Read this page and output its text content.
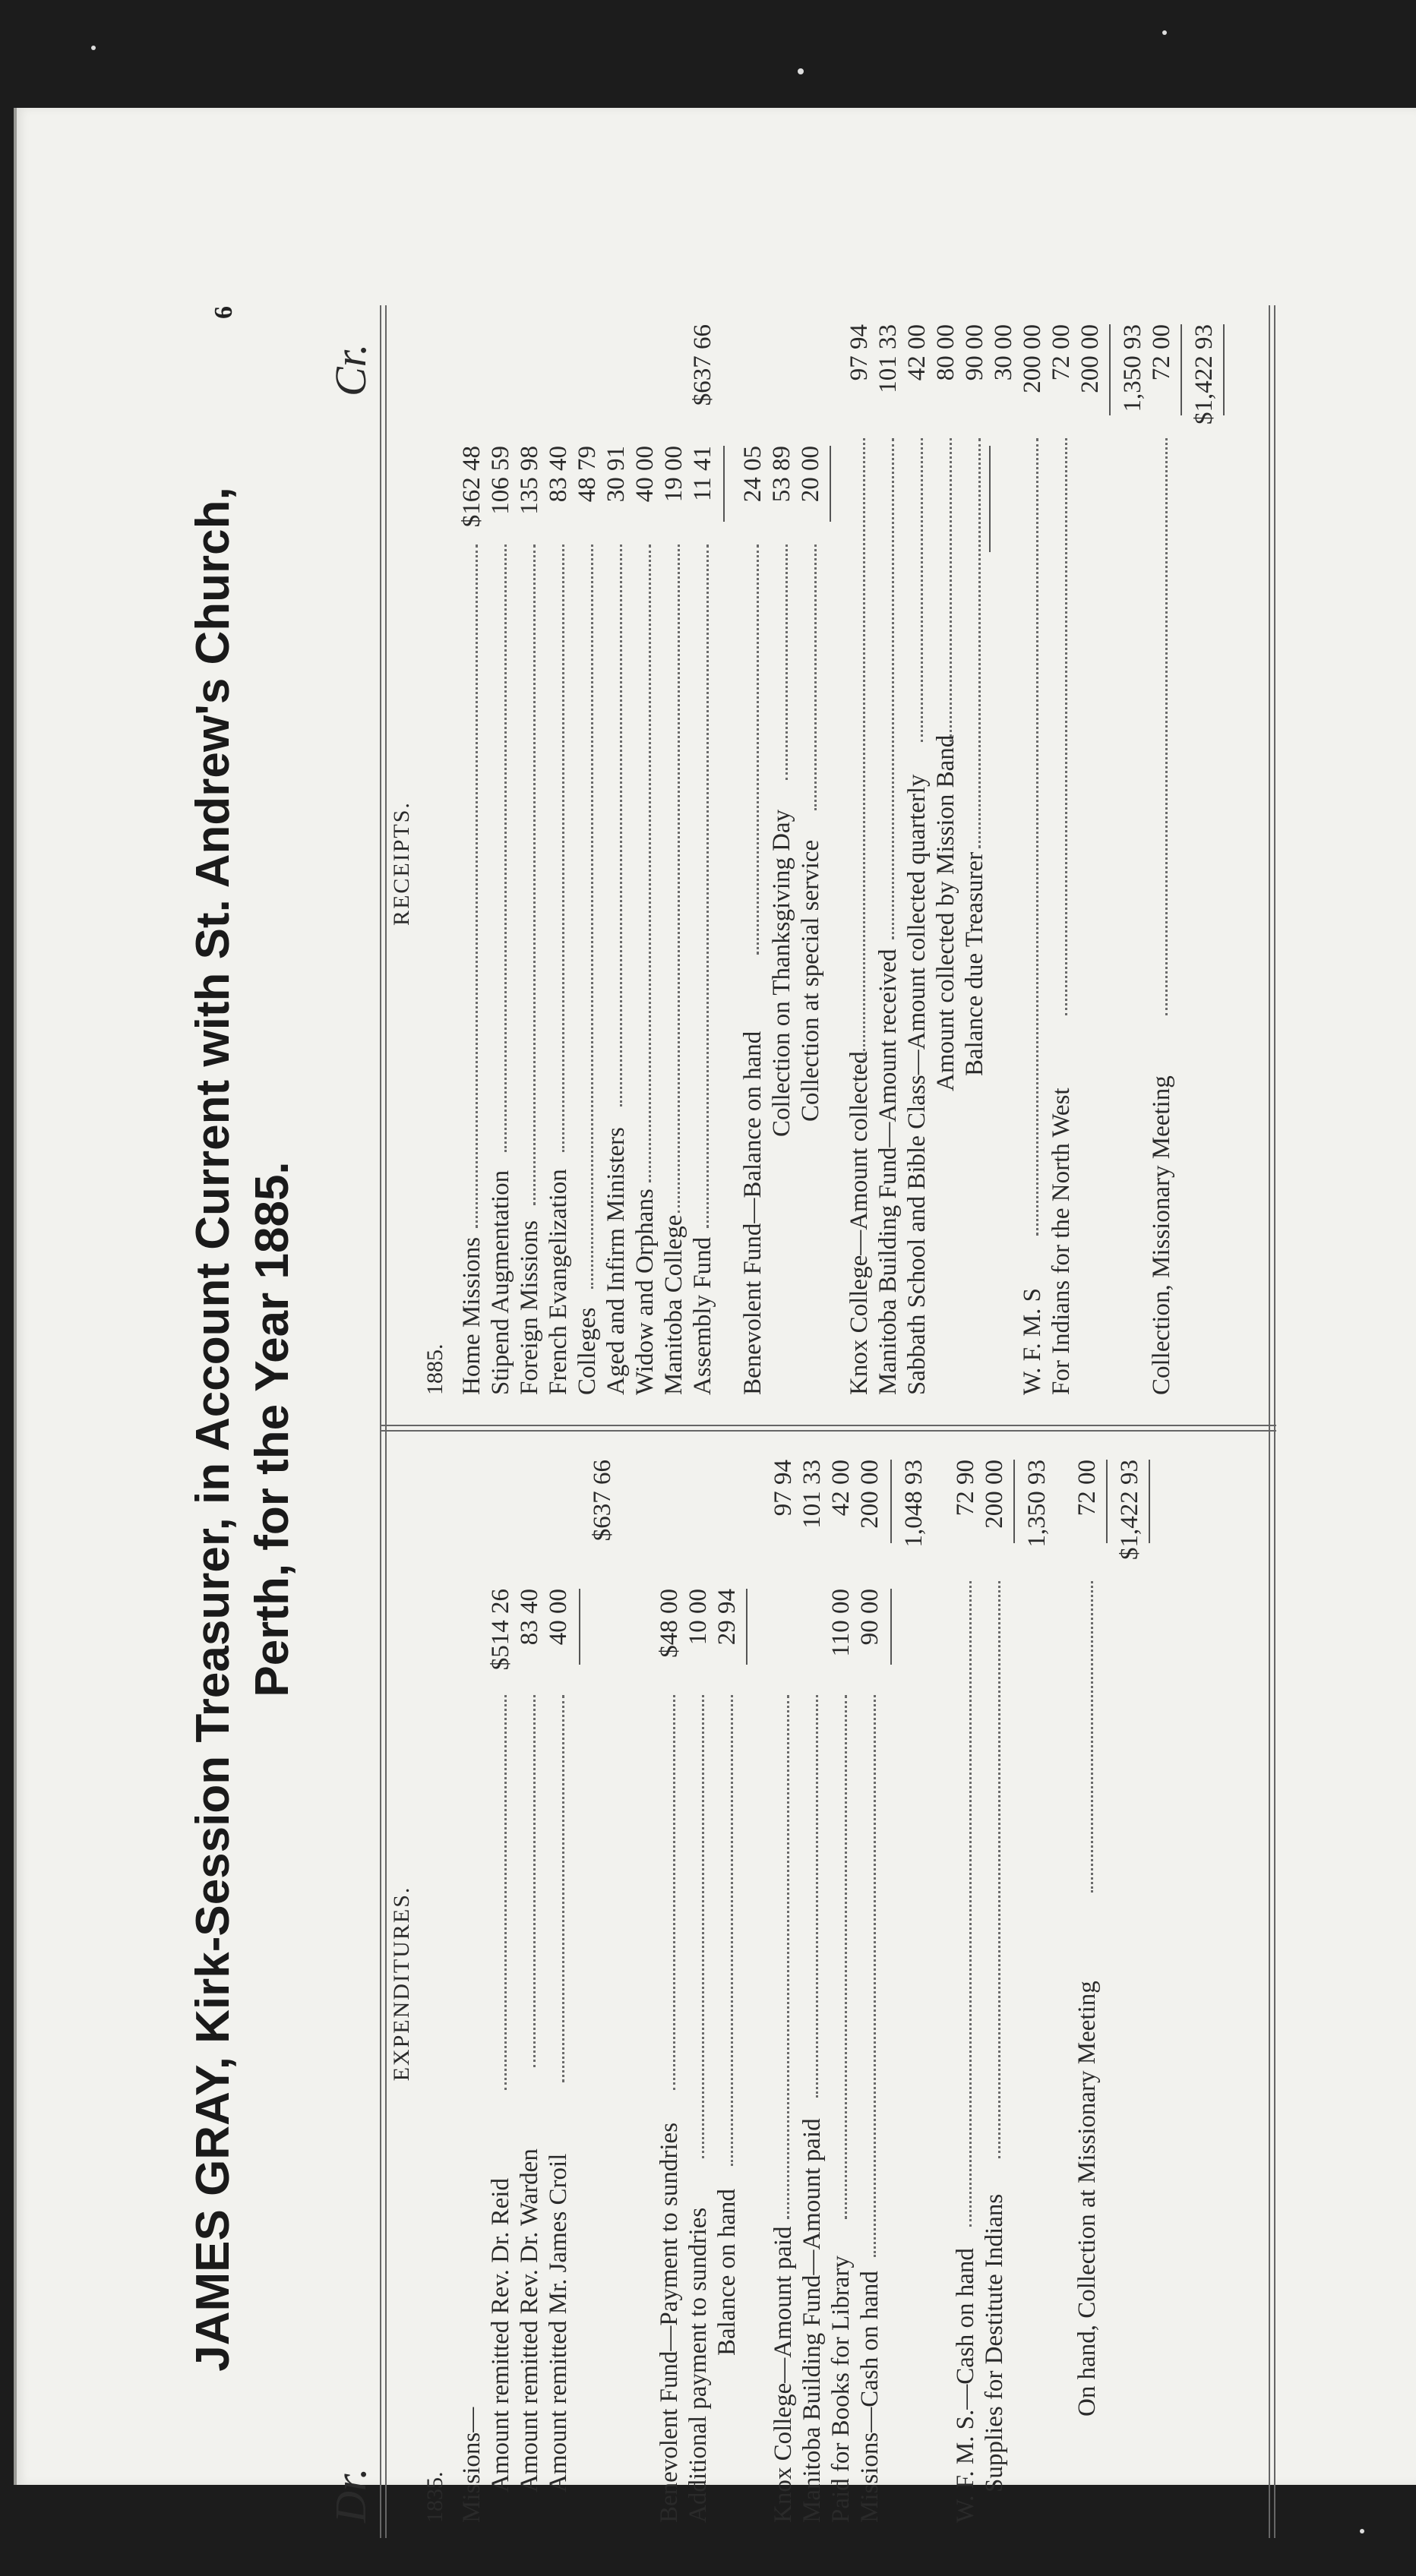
JAMES GRAY, Kirk-Session Treasurer, in Account Current with St. Andrew's Church, Perth, for the Year 1885.
6
Dr.
Cr.
EXPENDITURES.
1835. Missions— Amount remitted Rev. Dr. Reid
$514 26
Amount remitted Rev. Dr. Warden
83 40
Amount remitted Mr. James Croil
40 00
$637 66
Benevolent Fund—Payment to sundries
$48 00
Additional payment to sundries
10 00
Balance on hand
29 94
Knox College—Amount paid
97 94
Manitoba Building Fund—Amount paid
101 33
Paid for Books for Library
110 00
42 00
Missions—Cash on hand
90 00
200 00 1,048 93
W. F. M. S.—Cash on hand
72 90
Supplies for Destitute Indians
200 00 1,350 93
On hand, Collection at Missionary Meeting
72 00 $1,422 93
RECEIPTS.
1885. Home Missions
$162 48
Stipend Augmentation
106 59
Foreign Missions
135 98
French Evangelization
83 40
Colleges
48 79
Aged and Infirm Ministers
30 91
Widow and Orphans
40 00
Manitoba College
19 00
Assembly Fund
11 41
$637 66
Benevolent Fund—Balance on hand
24 05
Collection on Thanksgiving Day
53 89
Collection at special service
20 00
Knox College—Amount collected
97 94
Manitoba Building Fund—Amount received
101 33
Sabbath School and Bible Class—Amount collected quarterly
42 00
Amount collected by Mission Band
80 00
Balance due Treasurer
90 00 30 00
W. F. M. S
200 00
For Indians for the North West
72 00 200 00 1,350 93
Collection, Missionary Meeting
72 00 $1,422 93
